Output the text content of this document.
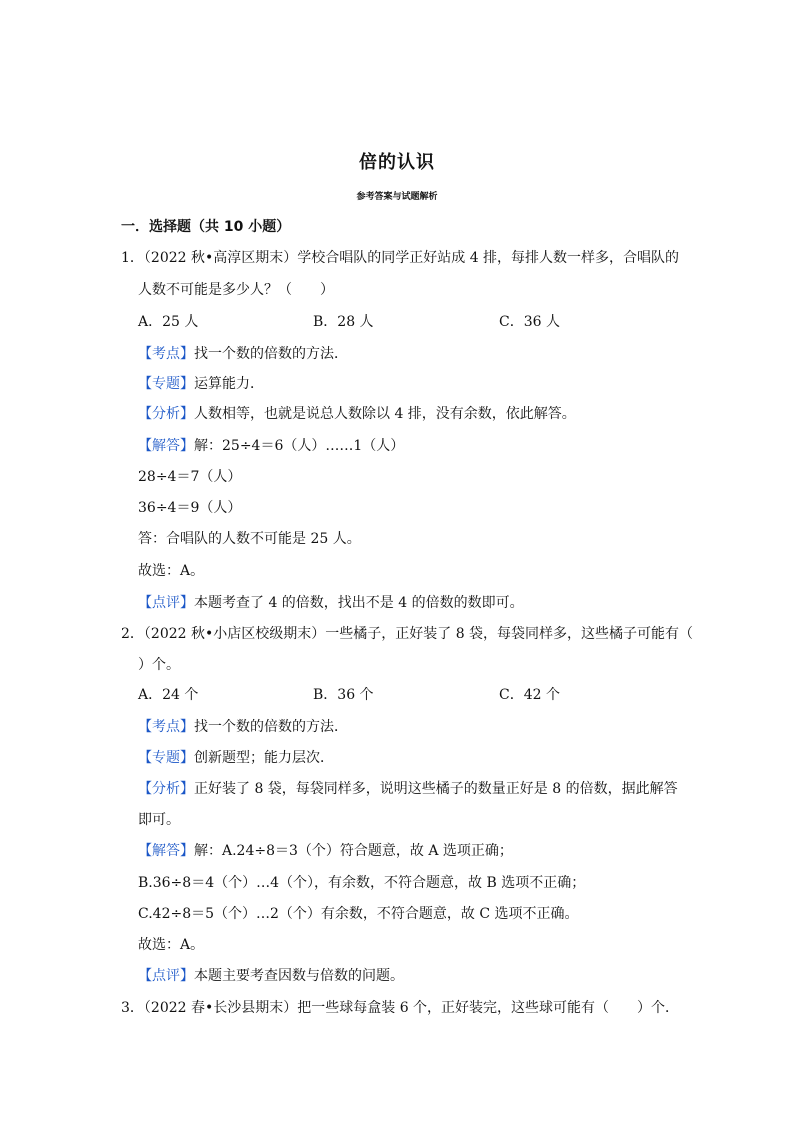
倍的认识
参考答案与试题解析
一．选择题（共 10 小题）
1．（2022 秋•高淳区期末）学校合唱队的同学正好站成 4 排，每排人数一样多，合唱队的
人数不可能是多少人？（　　）
A．25 人	B．28 人	C．36 人
【考点】找一个数的倍数的方法．
【专题】运算能力．
【分析】人数相等，也就是说总人数除以 4 排，没有余数，依此解答。
【解答】解：25÷4＝6（人）……1（人）
28÷4＝7（人）
36÷4＝9（人）
答：合唱队的人数不可能是 25 人。
故选：A。
【点评】本题考查了 4 的倍数，找出不是 4 的倍数的数即可。
2．（2022 秋•小店区校级期末）一些橘子，正好装了 8 袋，每袋同样多，这些橘子可能有（
）个。
A．24 个	B．36 个	C．42 个
【考点】找一个数的倍数的方法．
【专题】创新题型；能力层次．
【分析】正好装了 8 袋，每袋同样多，说明这些橘子的数量正好是 8 的倍数，据此解答
即可。
【解答】解：A.24÷8＝3（个）符合题意，故 A 选项正确；
B.36÷8＝4（个）…4（个），有余数，不符合题意，故 B 选项不正确；
C.42÷8＝5（个）…2（个）有余数，不符合题意，故 C 选项不正确。
故选：A。
【点评】本题主要考查因数与倍数的问题。
3．（2022 春•长沙县期末）把一些球每盒装 6 个，正好装完，这些球可能有（　　）个．
